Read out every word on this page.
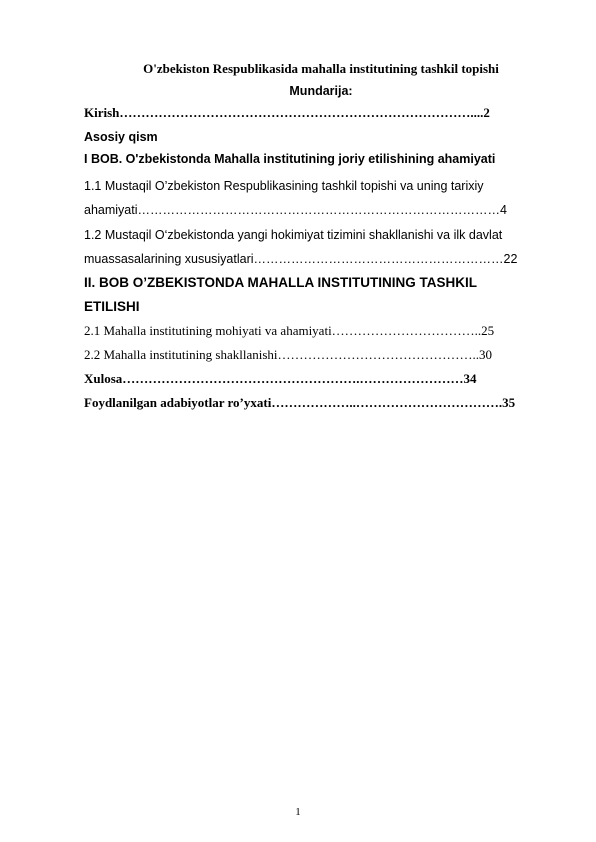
O'zbekiston Respublikasida mahalla institutining tashkil topishi
Mundarija:
Kirish………………………………………………………………………....2
Asosiy qism
I BOB. O'zbekistonda Mahalla institutining joriy etilishining ahamiyati
1.1 Mustaqil O’zbekiston Respublikasining tashkil topishi va uning tarixiy
ahamiyati……………………………………………………………………………4
1.2 Mustaqil O‘zbekistonda yangi hokimiyat tizimini shakllanishi va ilk davlat
muassasalarining xususiyatlari……………………………………………………22
II. BOB O’ZBEKISTONDA MAHALLA INSTITUTINING TASHKIL
ETILISHI
2.1 Mahalla institutining mohiyati va ahamiyati……………………………..25
2.2 Mahalla institutining shakllanishi………………………………………..30
Xulosa……………………………………………….……………………34
Foydlanilgan adabiyotlar ro’yxati………………..…………………………….35
1
